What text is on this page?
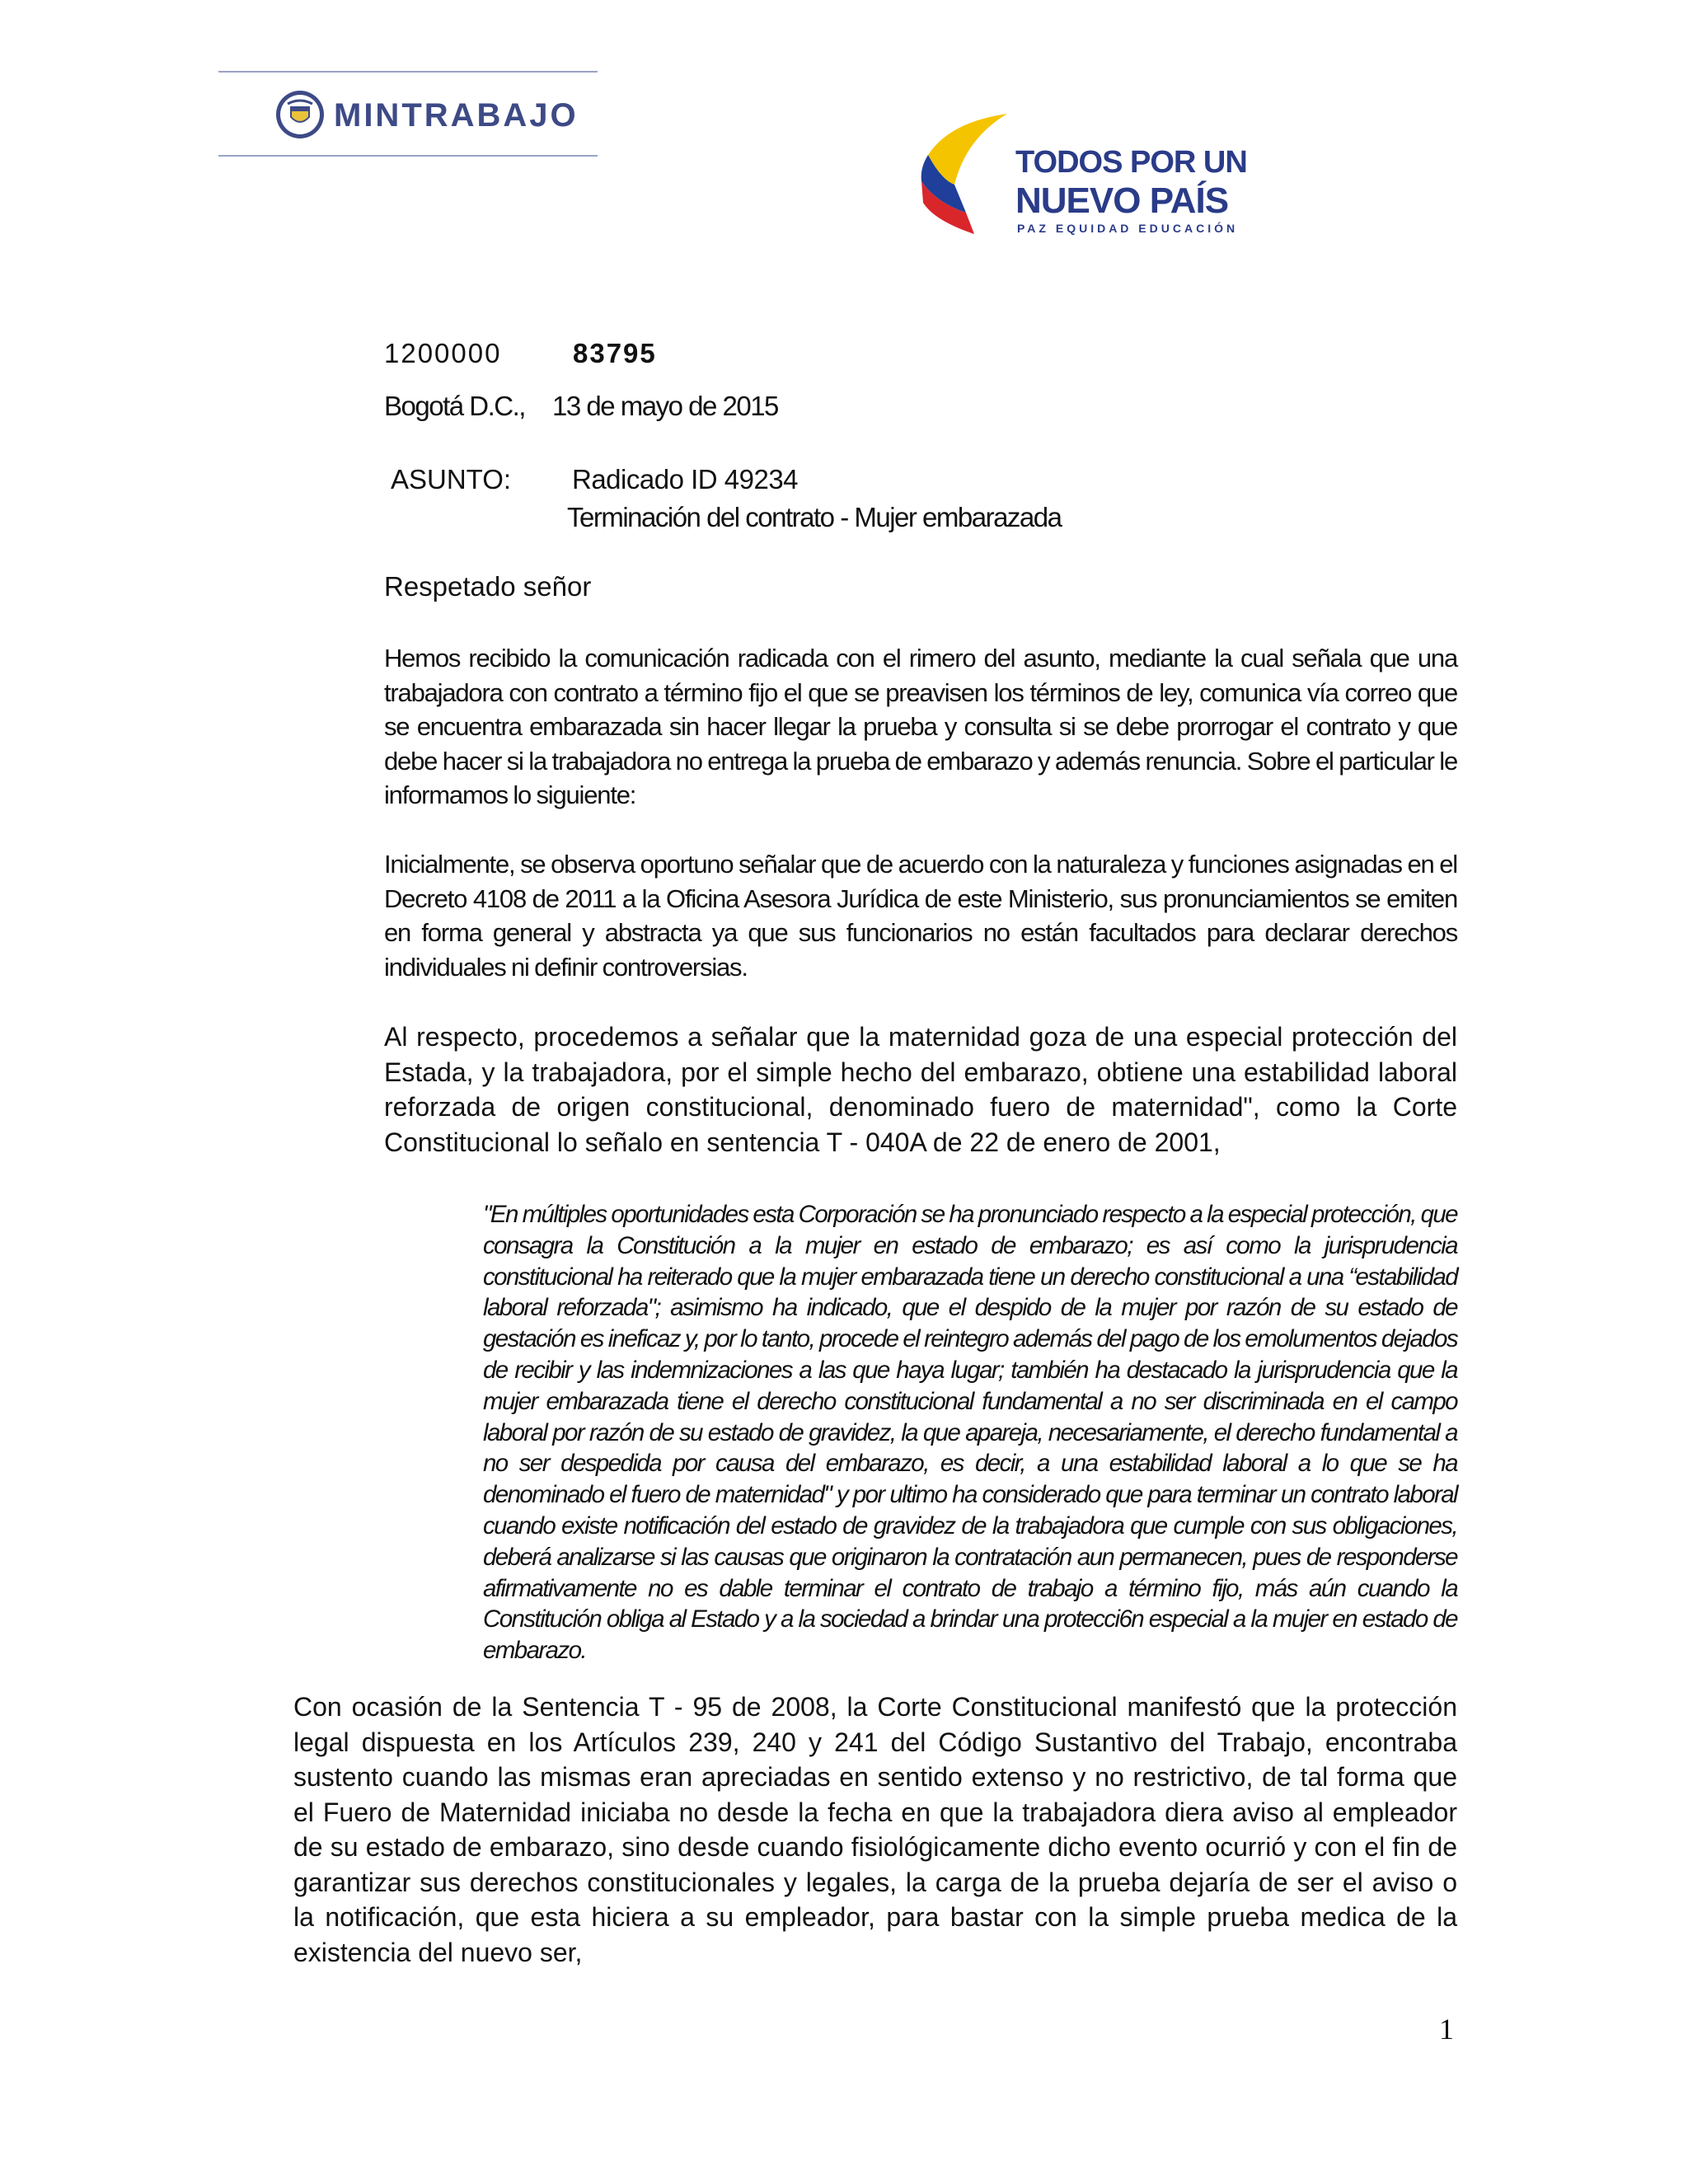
MINTRABAJO
TODOS POR UN
NUEVO PAÍS
PAZ EQUIDAD EDUCACIÓN
1200000	83795
Bogotá D.C., 13 de mayo de 2015
ASUNTO: Radicado ID 49234
Terminación del contrato - Mujer embarazada
Respetado señor

Hemos recibido la comunicación radicada con el rimero del asunto, mediante la cual señala que una trabajadora con contrato a término fijo el que se preavisen los términos de ley, comunica vía correo que se encuentra embarazada sin hacer llegar la prueba y consulta si se debe prorrogar el contrato y que debe hacer si la trabajadora no entrega la prueba de embarazo y además renuncia. Sobre el particular le informamos lo siguiente:

Inicialmente, se observa oportuno señalar que de acuerdo con la naturaleza y funciones asignadas en el Decreto 4108 de 2011 a la Oficina Asesora Jurídica de este Ministerio, sus pronunciamientos se emiten en forma general y abstracta ya que sus funcionarios no están facultados para declarar derechos individuales ni definir controversias.

Al respecto, procedemos a señalar que la maternidad goza de una especial protección del Estada, y la trabajadora, por el simple hecho del embarazo, obtiene una estabilidad laboral reforzada de origen constitucional, denominado fuero de maternidad", como la Corte Constitucional lo señalo en sentencia T - 040A de 22 de enero de 2001,

"En múltiples oportunidades esta Corporación se ha pronunciado respecto a la especial protección, que consagra la Constitución a la mujer en estado de embarazo; es así como la jurisprudencia constitucional ha reiterado que la mujer embarazada tiene un derecho constitucional a una “estabilidad laboral reforzada"; asimismo ha indicado, que el despido de la mujer por razón de su estado de gestación es ineficaz y, por lo tanto, procede el reintegro además del pago de los emolumentos dejados de recibir y las indemnizaciones a las que haya lugar; también ha destacado la jurisprudencia que la mujer embarazada tiene el derecho constitucional fundamental a no ser discriminada en el campo laboral por razón de su estado de gravidez, la que apareja, necesariamente, el derecho fundamental a no ser despedida por causa del embarazo, es decir, a una estabilidad laboral a lo que se ha denominado el fuero de maternidad" y por ultimo ha considerado que para terminar un contrato laboral cuando existe notificación del estado de gravidez de la trabajadora que cumple con sus obligaciones, deberá analizarse si las causas que originaron la contratación aun permanecen, pues de responderse afirmativamente no es dable terminar el contrato de trabajo a término fijo, más aún cuando la Constitución obliga al Estado y a la sociedad a brindar una protecci6n especial a la mujer en estado de embarazo.

Con ocasión de la Sentencia T - 95 de 2008, la Corte Constitucional manifestó que la protección legal dispuesta en los Artículos 239, 240 y 241 del Código Sustantivo del Trabajo, encontraba sustento cuando las mismas eran apreciadas en sentido extenso y no restrictivo, de tal forma que el Fuero de Maternidad iniciaba no desde la fecha en que la trabajadora diera aviso al empleador de su estado de embarazo, sino desde cuando fisiológicamente dicho evento ocurrió y con el fin de garantizar sus derechos constitucionales y legales, la carga de la prueba dejaría de ser el aviso o la notificación, que esta hiciera a su empleador, para bastar con la simple prueba medica de la existencia del nuevo ser,

1
